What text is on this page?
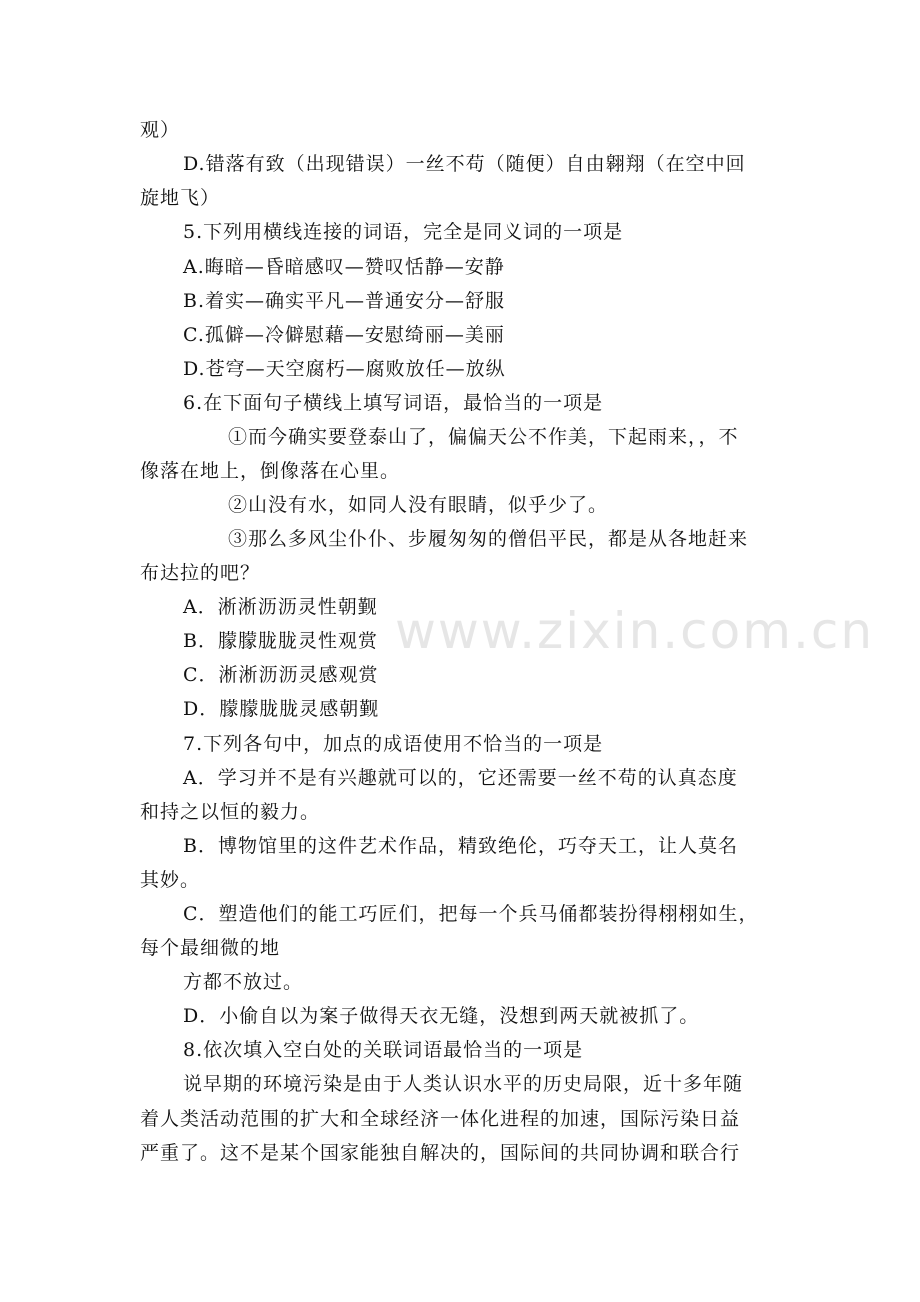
www.zixin.com.cn
观）
D.错落有致（出现错误）一丝不苟（随便）自由翱翔（在空中回
旋地飞）
5.下列用横线连接的词语，完全是同义词的一项是
A.晦暗—昏暗感叹—赞叹恬静—安静
B.着实—确实平凡—普通安分—舒服
C.孤僻—冷僻慰藉—安慰绮丽—美丽
D.苍穹—天空腐朽—腐败放任—放纵
6.在下面句子横线上填写词语，最恰当的一项是
①而今确实要登泰山了，偏偏天公不作美，下起雨来，，不
像落在地上，倒像落在心里。
②山没有水，如同人没有眼睛，似乎少了。
③那么多风尘仆仆、步履匆匆的僧侣平民，都是从各地赶来
布达拉的吧？
A．淅淅沥沥灵性朝觐
B．朦朦胧胧灵性观赏
C．淅淅沥沥灵感观赏
D．朦朦胧胧灵感朝觐
7.下列各句中，加点的成语使用不恰当的一项是
A．学习并不是有兴趣就可以的，它还需要一丝不苟的认真态度
和持之以恒的毅力。
B．博物馆里的这件艺术作品，精致绝伦，巧夺天工，让人莫名
其妙。
C．塑造他们的能工巧匠们，把每一个兵马俑都装扮得栩栩如生，
每个最细微的地
方都不放过。
D．小偷自以为案子做得天衣无缝，没想到两天就被抓了。
8.依次填入空白处的关联词语最恰当的一项是
说早期的环境污染是由于人类认识水平的历史局限，近十多年随
着人类活动范围的扩大和全球经济一体化进程的加速，国际污染日益
严重了。这不是某个国家能独自解决的，国际间的共同协调和联合行
